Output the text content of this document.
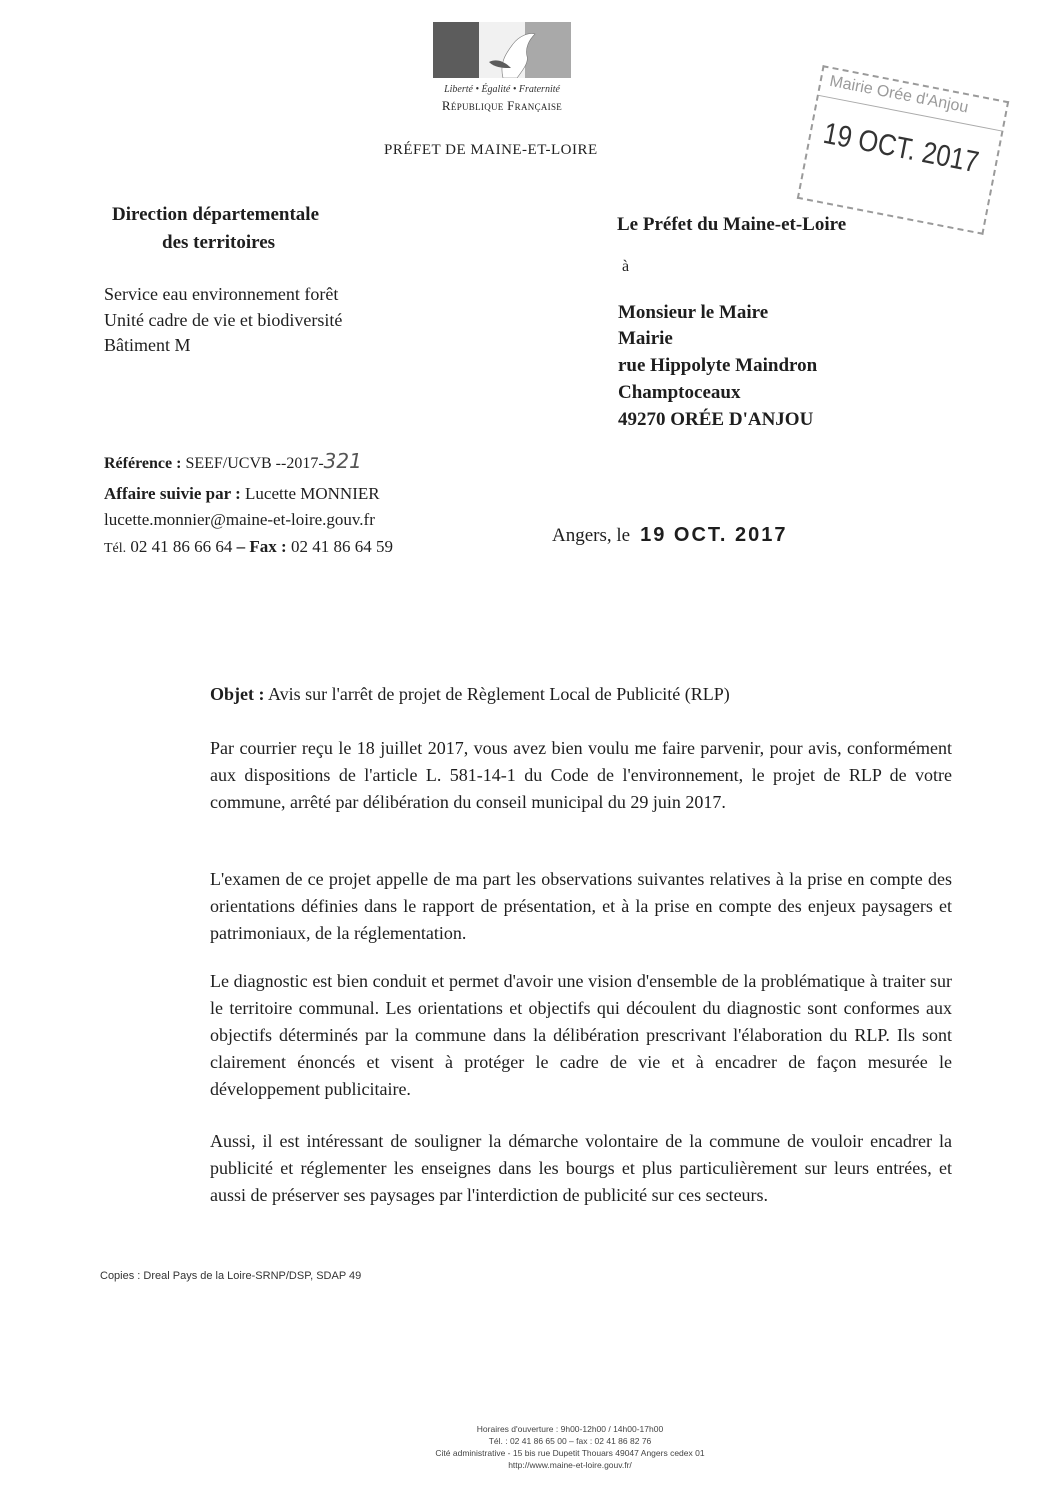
Liberté • Égalité • Fraternité
République Française
PRÉFET DE MAINE-ET-LOIRE
Mairie Orée d'Anjou
19 OCT. 2017
Direction départementale
des territoires
Service eau environnement forêt
Unité cadre de vie et biodiversité
Bâtiment M
Le Préfet du Maine-et-Loire
à
Monsieur le Maire
Mairie
rue Hippolyte Maindron
Champtoceaux
49270 ORÉE D'ANJOU
Référence : SEEF/UCVB --2017-321
Affaire suivie par : Lucette MONNIER
lucette.monnier@maine-et-loire.gouv.fr
Tél. 02 41 86 66 64 – Fax : 02 41 86 64 59
Angers, le 19 OCT. 2017
Objet : Avis sur l'arrêt de projet de Règlement Local de Publicité (RLP)
Par courrier reçu le 18 juillet 2017, vous avez bien voulu me faire parvenir, pour avis, conformément aux dispositions de l'article L. 581-14-1 du Code de l'environnement, le projet de RLP de votre commune, arrêté par délibération du conseil municipal du 29 juin 2017.
L'examen de ce projet appelle de ma part les observations suivantes relatives à la prise en compte des orientations définies dans le rapport de présentation, et à la prise en compte des enjeux paysagers et patrimoniaux, de la réglementation.
Le diagnostic est bien conduit et permet d'avoir une vision d'ensemble de la problématique à traiter sur le territoire communal. Les orientations et objectifs qui découlent du diagnostic sont conformes aux objectifs déterminés par la commune dans la délibération prescrivant l'élaboration du RLP. Ils sont clairement énoncés et visent à protéger le cadre de vie et à encadrer de façon mesurée le développement publicitaire.
Aussi, il est intéressant de souligner la démarche volontaire de la commune de vouloir encadrer la publicité et réglementer les enseignes dans les bourgs et plus particulièrement sur leurs entrées, et aussi de préserver ses paysages par l'interdiction de publicité sur ces secteurs.
Copies : Dreal Pays de la Loire-SRNP/DSP, SDAP 49
Horaires d'ouverture : 9h00-12h00 / 14h00-17h00
Tél. : 02 41 86 65 00 – fax : 02 41 86 82 76
Cité administrative - 15 bis rue Dupetit Thouars 49047 Angers cedex 01
http://www.maine-et-loire.gouv.fr/
